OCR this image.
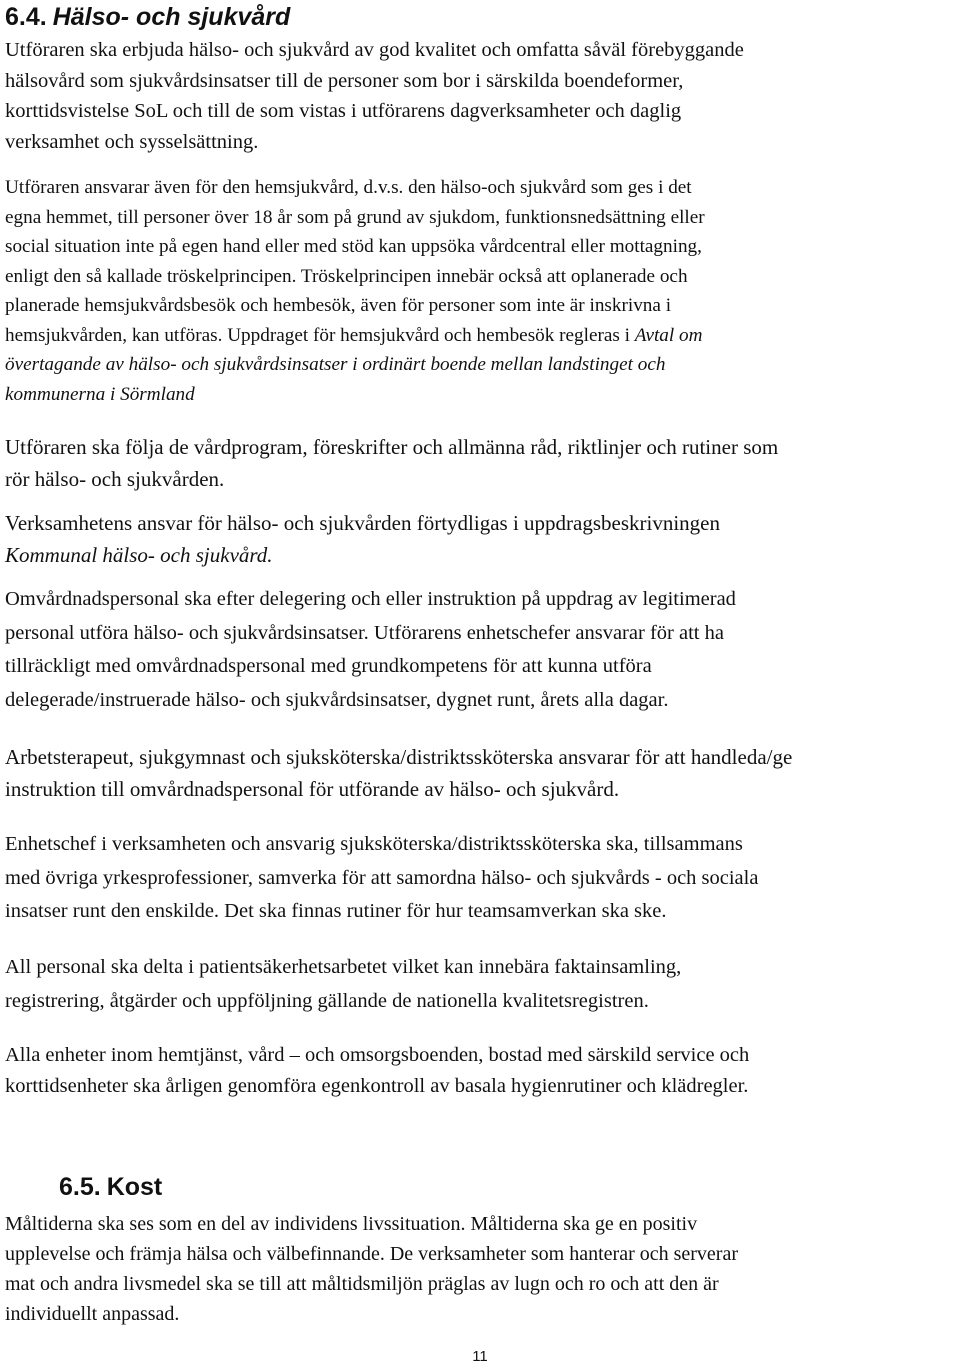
6.4. Hälso- och sjukvård
Utföraren ska erbjuda hälso- och sjukvård av god kvalitet och omfatta såväl förebyggande
hälsovård som sjukvårdsinsatser till de personer som bor i särskilda boendeformer,
korttidsvistelse SoL och till de som vistas i utförarens dagverksamheter och daglig
verksamhet och sysselsättning.
Utföraren ansvarar även för den hemsjukvård, d.v.s. den hälso-och sjukvård som ges i det
egna hemmet, till personer över 18 år som på grund av sjukdom, funktionsnedsättning eller
social situation inte på egen hand eller med stöd kan uppsöka vårdcentral eller mottagning,
enligt den så kallade tröskelprincipen. Tröskelprincipen innebär också att oplanerade och
planerade hemsjukvårdsbesök och hembesök, även för personer som inte är inskrivna i
hemsjukvården, kan utföras. Uppdraget för hemsjukvård och hembesök regleras i Avtal om
övertagande av hälso- och sjukvårdsinsatser i ordinärt boende mellan landstinget och
kommunerna i Sörmland
Utföraren ska följa de vårdprogram, föreskrifter och allmänna råd, riktlinjer och rutiner som
rör hälso- och sjukvården.
Verksamhetens ansvar för hälso- och sjukvården förtydligas i uppdragsbeskrivningen
Kommunal hälso- och sjukvård.
Omvårdnadspersonal ska efter delegering och eller instruktion på uppdrag av legitimerad
personal utföra hälso- och sjukvårdsinsatser. Utförarens enhetschefer ansvarar för att ha
tillräckligt med omvårdnadspersonal med grundkompetens för att kunna utföra
delegerade/instruerade hälso- och sjukvårdsinsatser, dygnet runt, årets alla dagar.
Arbetsterapeut, sjukgymnast och sjuksköterska/distriktssköterska ansvarar för att handleda/ge
instruktion till omvårdnadspersonal för utförande av hälso- och sjukvård.
Enhetschef i verksamheten och ansvarig sjuksköterska/distriktssköterska ska, tillsammans
med övriga yrkesprofessioner, samverka för att samordna hälso- och sjukvårds - och sociala
insatser runt den enskilde. Det ska finnas rutiner för hur teamsamverkan ska ske.
All personal ska delta i patientsäkerhetsarbetet vilket kan innebära faktainsamling,
registrering, åtgärder och uppföljning gällande de nationella kvalitetsregistren.
Alla enheter inom hemtjänst, vård – och omsorgsboenden, bostad med särskild service och
korttidsenheter ska årligen genomföra egenkontroll av basala hygienrutiner och klädregler.
6.5. Kost
Måltiderna ska ses som en del av individens livssituation. Måltiderna ska ge en positiv
upplevelse och främja hälsa och välbefinnande. De verksamheter som hanterar och serverar
mat och andra livsmedel ska se till att måltidsmiljön präglas av lugn och ro och att den är
individuellt anpassad.
11
